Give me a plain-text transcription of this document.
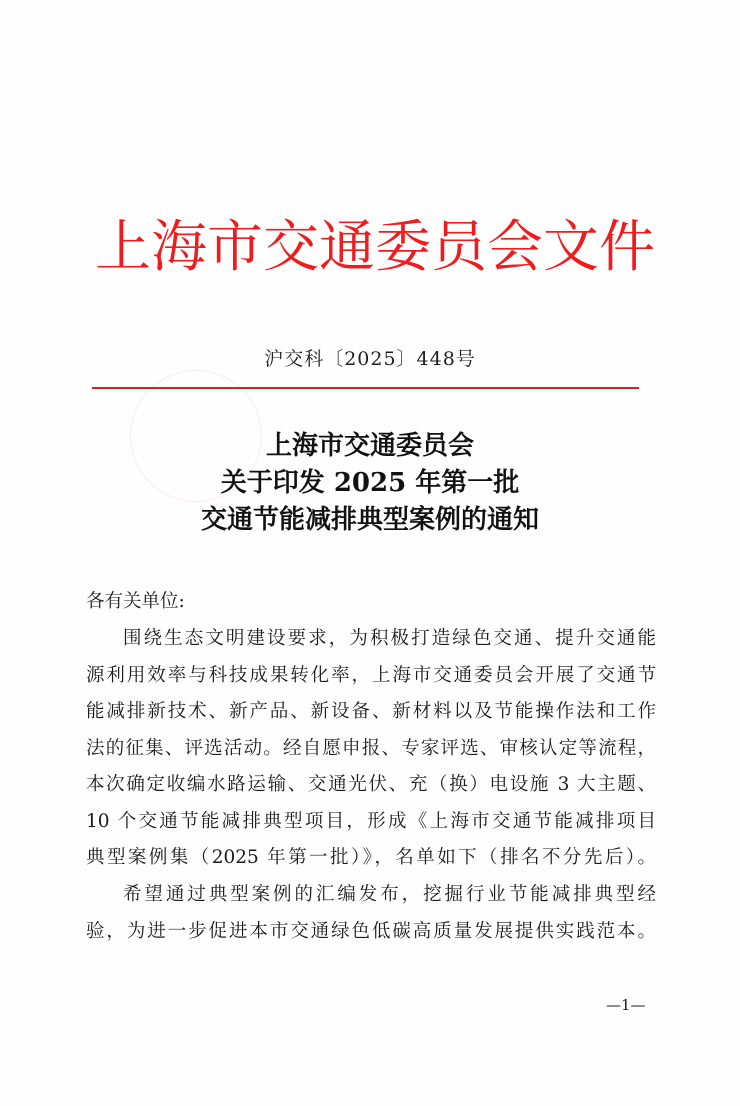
上 海 市 交 通 委 员 会 文 件
沪交科〔2025〕448号
上海市交通委员会
关于印发 2025 年第一批
交通节能减排典型案例的通知
各有关单位:
围绕生态文明建设要求，为积极打造绿色交通、提升交通能
源利用效率与科技成果转化率，上海市交通委员会开展了交通节
能减排新技术、新产品、新设备、新材料以及节能操作法和工作
法的征集、评选活动。经自愿申报、专家评选、审核认定等流程，
本次确定收编水路运输、交通光伏、充（换）电设施 3 大主题、
10 个交通节能减排典型项目，形成《上海市交通节能减排项目
典型案例集（2025 年第一批）》，名单如下（排名不分先后）。
希望通过典型案例的汇编发布，挖掘行业节能减排典型经
验，为进一步促进本市交通绿色低碳高质量发展提供实践范本。
—1—
